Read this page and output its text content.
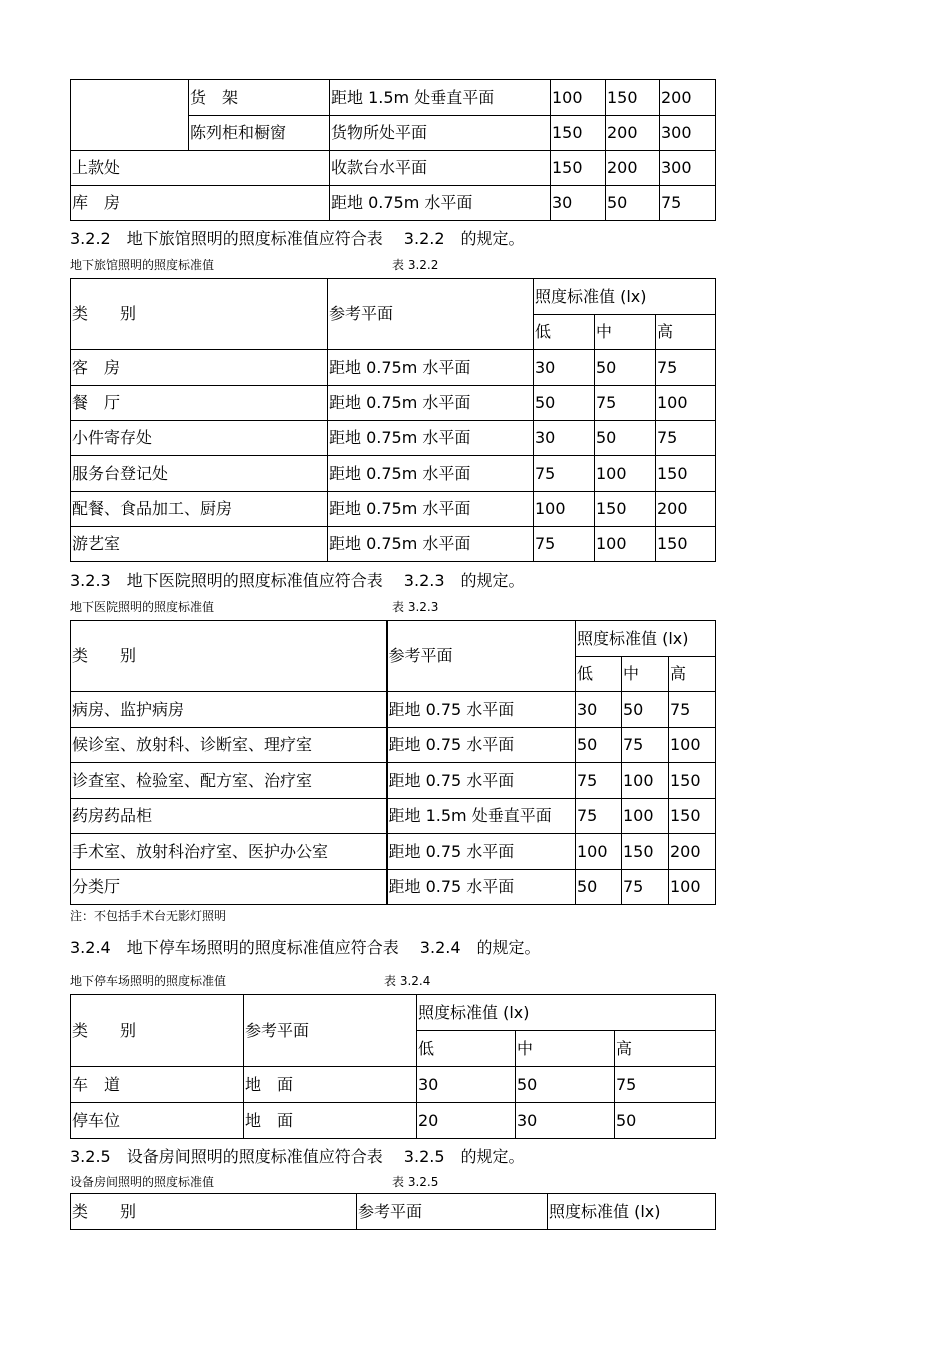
	货　架	距地 1.5m 处垂直平面	100	150	200
	陈列柜和橱窗	货物所处平面	150	200	300
上款处		收款台水平面	150	200	300
库　房		距地 0.75m 水平面	30	50	75
3.2.2　地下旅馆照明的照度标准值应符合表　 3.2.2　的规定。
地下旅馆照明的照度标准值	表 3.2.2
类　　别	参考平面	照度标准值 (lx)		
		低	中	高
客　房	距地 0.75m 水平面	30	50	75
餐　厅	距地 0.75m 水平面	50	75	100
小件寄存处	距地 0.75m 水平面	30	50	75
服务台登记处	距地 0.75m 水平面	75	100	150
配餐、食品加工、厨房	距地 0.75m 水平面	100	150	200
游艺室	距地 0.75m 水平面	75	100	150
3.2.3　地下医院照明的照度标准值应符合表　 3.2.3　的规定。
地下医院照明的照度标准值	表 3.2.3
类　　别	参考平面	照度标准值 (lx)		
		低	中	高
病房、监护病房	距地 0.75 水平面	30	50	75
候诊室、放射科、诊断室、理疗室	距地 0.75 水平面	50	75	100
诊查室、检验室、配方室、治疗室	距地 0.75 水平面	75	100	150
药房药品柜	距地 1.5m 处垂直平面	75	100	150
手术室、放射科治疗室、医护办公室	距地 0.75 水平面	100	150	200
分类厅	距地 0.75 水平面	50	75	100
注：不包括手术台无影灯照明
3.2.4　地下停车场照明的照度标准值应符合表　 3.2.4　的规定。
地下停车场照明的照度标准值	表 3.2.4
类　　别	参考平面	照度标准值 (lx)		
		低	中	高
车　道	地　面	30	50	75
停车位	地　面	20	30	50
3.2.5　设备房间照明的照度标准值应符合表　 3.2.5　的规定。
设备房间照明的照度标准值	表 3.2.5
类　　别	参考平面	照度标准值 (lx)
